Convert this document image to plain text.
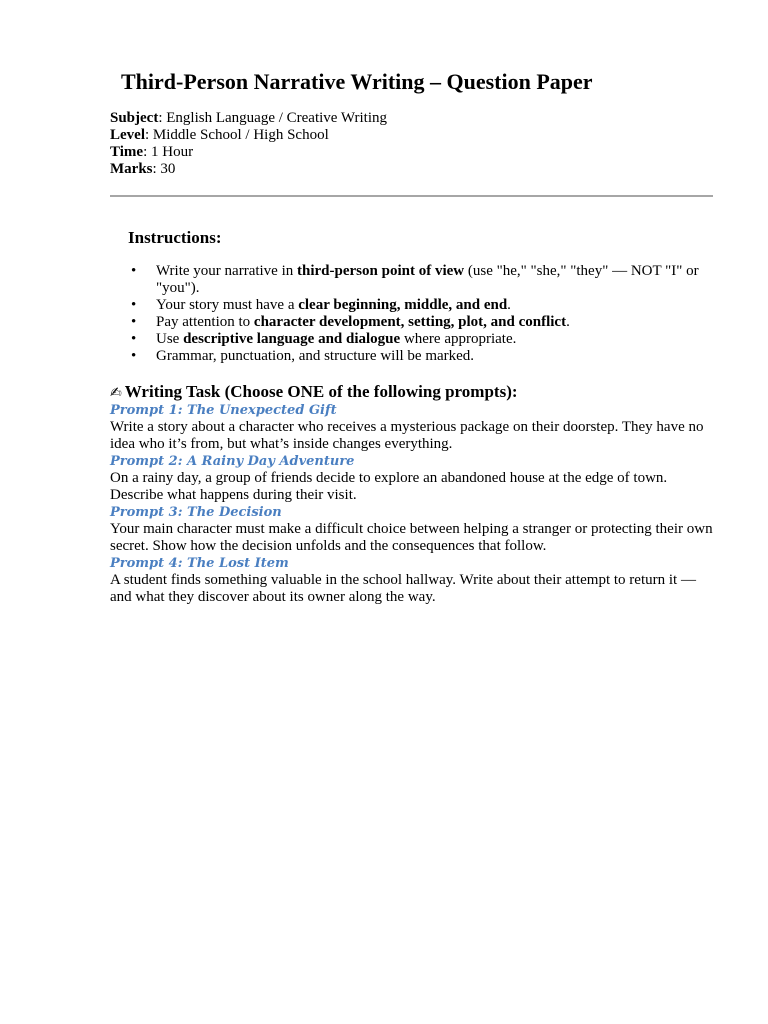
Third-Person Narrative Writing – Question Paper
Subject: English Language / Creative Writing
Level: Middle School / High School
Time: 1 Hour
Marks: 30
Instructions:
• Write your narrative in third-person point of view (use "he," "she," "they" — NOT "I" or "you").
• Your story must have a clear beginning, middle, and end.
• Pay attention to character development, setting, plot, and conflict.
• Use descriptive language and dialogue where appropriate.
• Grammar, punctuation, and structure will be marked.
✍ Writing Task (Choose ONE of the following prompts):
Prompt 1: The Unexpected Gift

Write a story about a character who receives a mysterious package on their doorstep. They have no idea who it’s from, but what’s inside changes everything.

Prompt 2: A Rainy Day Adventure

On a rainy day, a group of friends decide to explore an abandoned house at the edge of town. Describe what happens during their visit.

Prompt 3: The Decision

Your main character must make a difficult choice between helping a stranger or protecting their own secret. Show how the decision unfolds and the consequences that follow.

Prompt 4: The Lost Item

A student finds something valuable in the school hallway. Write about their attempt to return it — and what they discover about its owner along the way.
